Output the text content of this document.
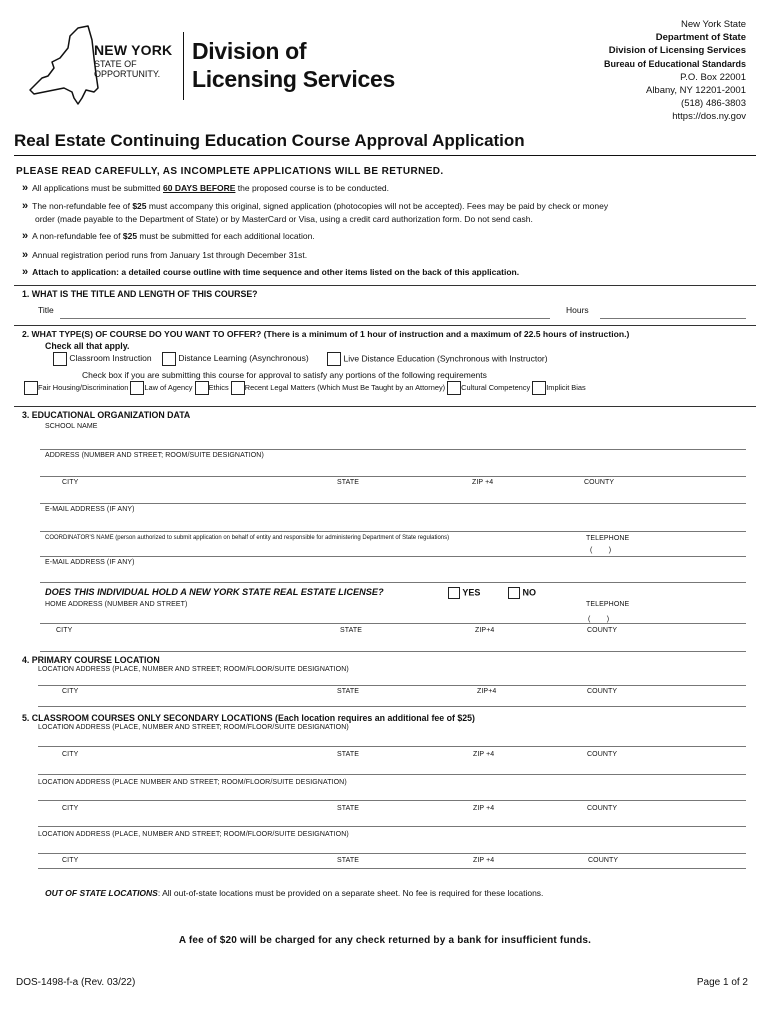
NEW YORK
STATE OF
OPPORTUNITY.
Division of
Licensing Services
New York State
Department of State
Division of Licensing Services
Bureau of Educational Standards
P.O. Box 22001
Albany, NY 12201-2001
(518) 486-3803
https://dos.ny.gov
Real Estate Continuing Education Course Approval Application
PLEASE READ CAREFULLY, AS INCOMPLETE APPLICATIONS WILL BE RETURNED.
» All applications must be submitted 60 DAYS BEFORE the proposed course is to be conducted.
» The non-refundable fee of $25 must accompany this original, signed application (photocopies will not be accepted). Fees may be paid by check or money
order (made payable to the Department of State) or by MasterCard or Visa, using a credit card authorization form. Do not send cash.
» A non-refundable fee of $25 must be submitted for each additional location.
» Annual registration period runs from January 1st through December 31st.
» Attach to application: a detailed course outline with time sequence and other items listed on the back of this application.
1. WHAT IS THE TITLE AND LENGTH OF THIS COURSE?
Title	Hours
2. WHAT TYPE(S) OF COURSE DO YOU WANT TO OFFER? (There is a minimum of 1 hour of instruction and a maximum of 22.5 hours of instruction.)
Check all that apply.
Classroom Instruction	Distance Learning (Asynchronous)	Live Distance Education (Synchronous with Instructor)
Check box if you are submitting this course for approval to satisfy any portions of the following requirements
Fair Housing/Discrimination Law of Agency Ethics Recent Legal Matters (Which Must Be Taught by an Attorney) Cultural Competency Implicit Bias
3. EDUCATIONAL ORGANIZATION DATA
SCHOOL NAME
ADDRESS (NUMBER AND STREET; ROOM/SUITE DESIGNATION)
CITY	STATE	ZIP +4	COUNTY
E-MAIL ADDRESS (IF ANY)
COORDINATOR'S NAME (person authorized to submit application on behalf of entity and responsible for administering Department of State regulations)	TELEPHONE
(        )
E-MAIL ADDRESS (IF ANY)
DOES THIS INDIVIDUAL HOLD A NEW YORK STATE REAL ESTATE LICENSE?	YES	NO
HOME ADDRESS (NUMBER AND STREET)	TELEPHONE
(        )
CITY	STATE	ZIP+4	COUNTY
4. PRIMARY COURSE LOCATION
LOCATION ADDRESS (PLACE, NUMBER AND STREET; ROOM/FLOOR/SUITE DESIGNATION)
CITY	STATE	ZIP+4	COUNTY
5. CLASSROOM COURSES ONLY SECONDARY LOCATIONS (Each location requires an additional fee of $25)
LOCATION ADDRESS (PLACE, NUMBER AND STREET; ROOM/FLOOR/SUITE DESIGNATION)
CITY	STATE	ZIP +4	COUNTY
LOCATION ADDRESS (PLACE NUMBER AND STREET; ROOM/FLOOR/SUITE DESIGNATION)
CITY	STATE	ZIP +4	COUNTY
LOCATION ADDRESS (PLACE, NUMBER AND STREET; ROOM/FLOOR/SUITE DESIGNATION)
CITY	STATE	ZIP +4	COUNTY
OUT OF STATE LOCATIONS: All out-of-state locations must be provided on a separate sheet. No fee is required for these locations.
A fee of $20 will be charged for any check returned by a bank for insufficient funds.
DOS-1498-f-a (Rev. 03/22)	Page 1 of 2
